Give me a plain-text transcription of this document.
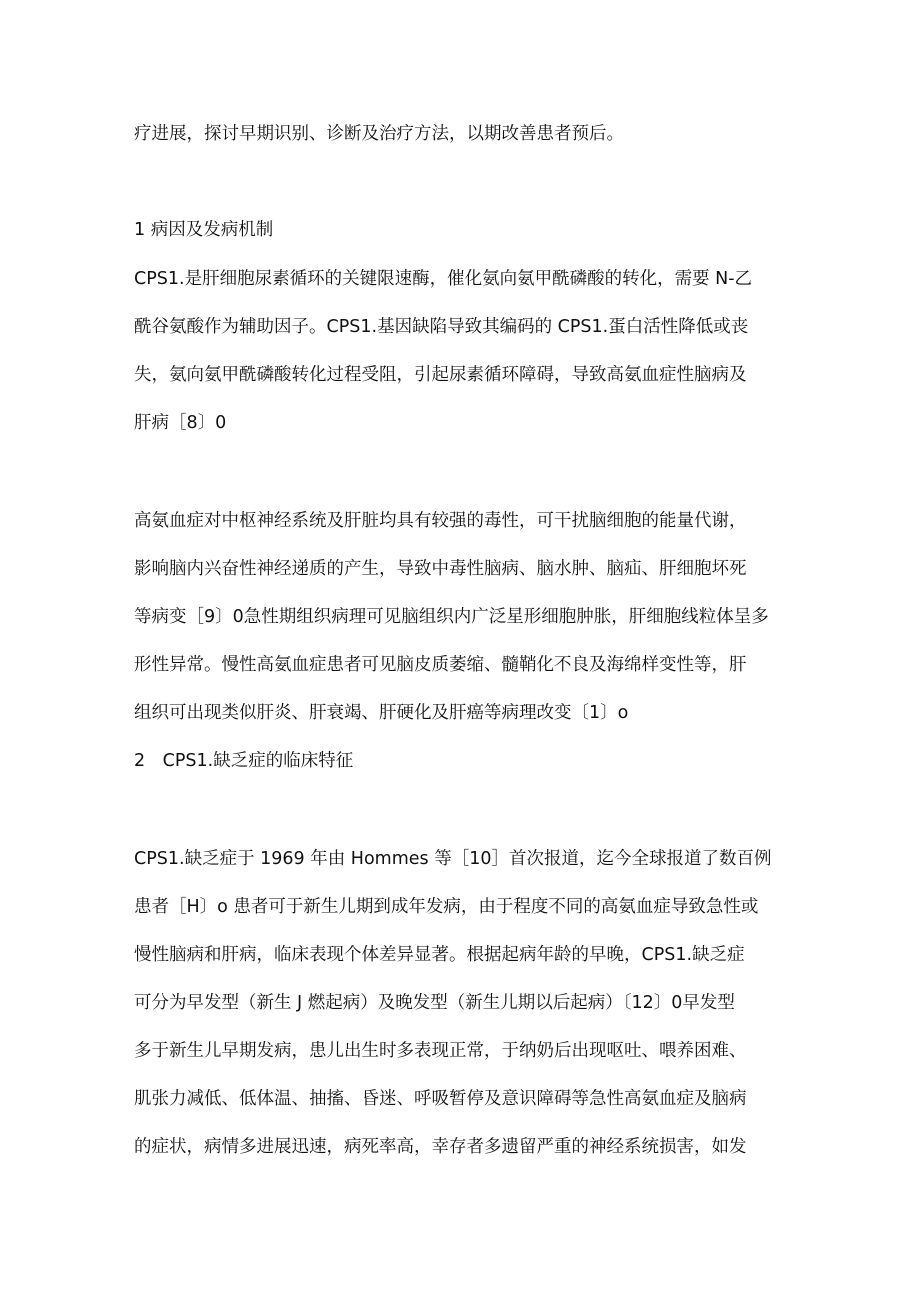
疗进展，探讨早期识别、诊断及治疗方法，以期改善患者预后。
1 病因及发病机制
CPS1.是肝细胞尿素循环的关键限速酶，催化氨向氨甲酰磷酸的转化，需要 N-乙
酰谷氨酸作为辅助因子。CPS1.基因缺陷导致其编码的 CPS1.蛋白活性降低或丧
失，氨向氨甲酰磷酸转化过程受阻，引起尿素循环障碍，导致高氨血症性脑病及
肝病［8〕0
高氨血症对中枢神经系统及肝脏均具有较强的毒性，可干扰脑细胞的能量代谢，
影响脑内兴奋性神经递质的产生，导致中毒性脑病、脑水肿、脑疝、肝细胞坏死
等病变［9〕0急性期组织病理可见脑组织内广泛星形细胞肿胀，肝细胞线粒体呈多
形性异常。慢性高氨血症患者可见脑皮质萎缩、髓鞘化不良及海绵样变性等，肝
组织可出现类似肝炎、肝衰竭、肝硬化及肝癌等病理改变〔1〕o
2　CPS1.缺乏症的临床特征
CPS1.缺乏症于 1969 年由 Hommes 等［10］首次报道，迄今全球报道了数百例
患者［H〕o 患者可于新生儿期到成年发病，由于程度不同的高氨血症导致急性或
慢性脑病和肝病，临床表现个体差异显著。根据起病年龄的早晚，CPS1.缺乏症
可分为早发型（新生 J 燃起病）及晚发型（新生儿期以后起病）〔12〕0早发型
多于新生儿早期发病，患儿出生时多表现正常，于纳奶后出现呕吐、喂养困难、
肌张力减低、低体温、抽搐、昏迷、呼吸暂停及意识障碍等急性高氨血症及脑病
的症状，病情多进展迅速，病死率高，幸存者多遗留严重的神经系统损害，如发
